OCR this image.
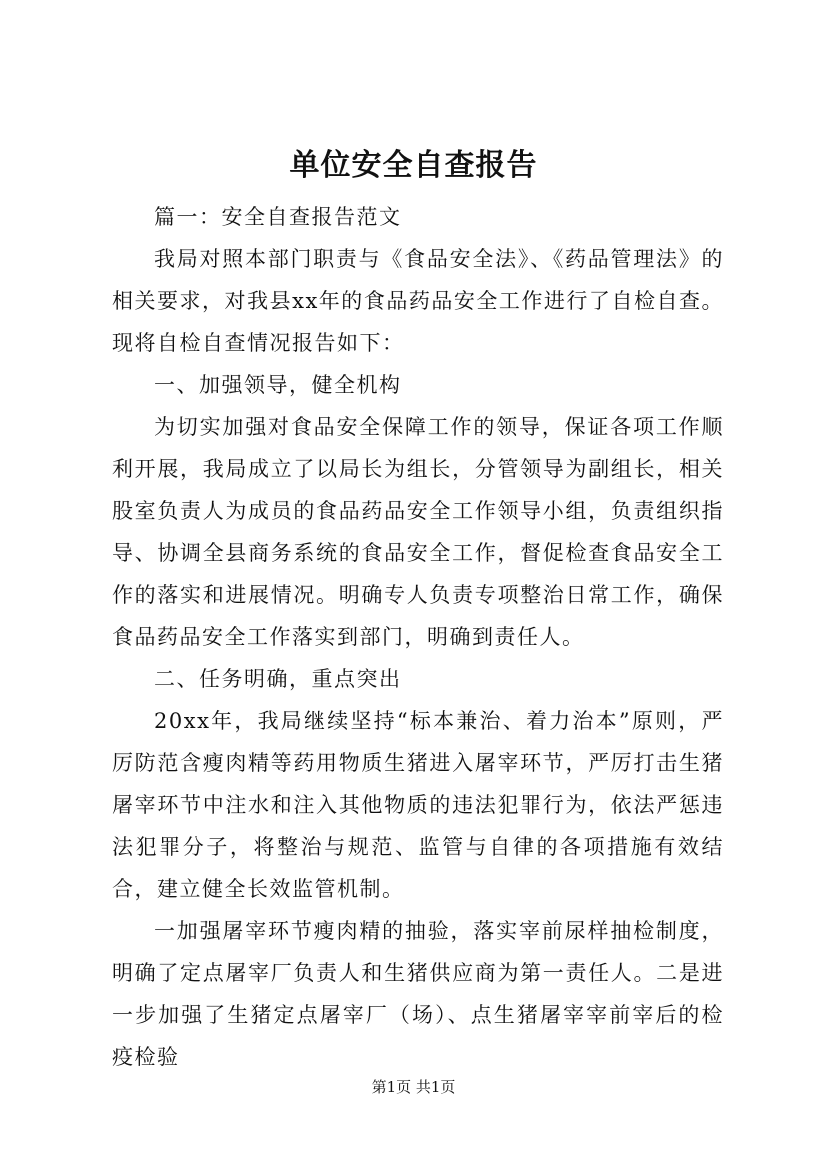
单位安全自查报告

篇一：安全自查报告范文

我局对照本部门职责与《食品安全法》、《药品管理法》的相关要求，对我县xx年的食品药品安全工作进行了自检自查。现将自检自查情况报告如下：

一、加强领导，健全机构

为切实加强对食品安全保障工作的领导，保证各项工作顺利开展，我局成立了以局长为组长，分管领导为副组长，相关股室负责人为成员的食品药品安全工作领导小组，负责组织指导、协调全县商务系统的食品安全工作，督促检查食品安全工作的落实和进展情况。明确专人负责专项整治日常工作，确保食品药品安全工作落实到部门，明确到责任人。

二、任务明确，重点突出

20xx年，我局继续坚持“标本兼治、着力治本”原则，严厉防范含瘦肉精等药用物质生猪进入屠宰环节，严厉打击生猪屠宰环节中注水和注入其他物质的违法犯罪行为，依法严惩违法犯罪分子，将整治与规范、监管与自律的各项措施有效结合，建立健全长效监管机制。

一加强屠宰环节瘦肉精的抽验，落实宰前尿样抽检制度，明确了定点屠宰厂负责人和生猪供应商为第一责任人。二是进一步加强了生猪定点屠宰厂（场）、点生猪屠宰宰前宰后的检疫检验

第1页 共1页
